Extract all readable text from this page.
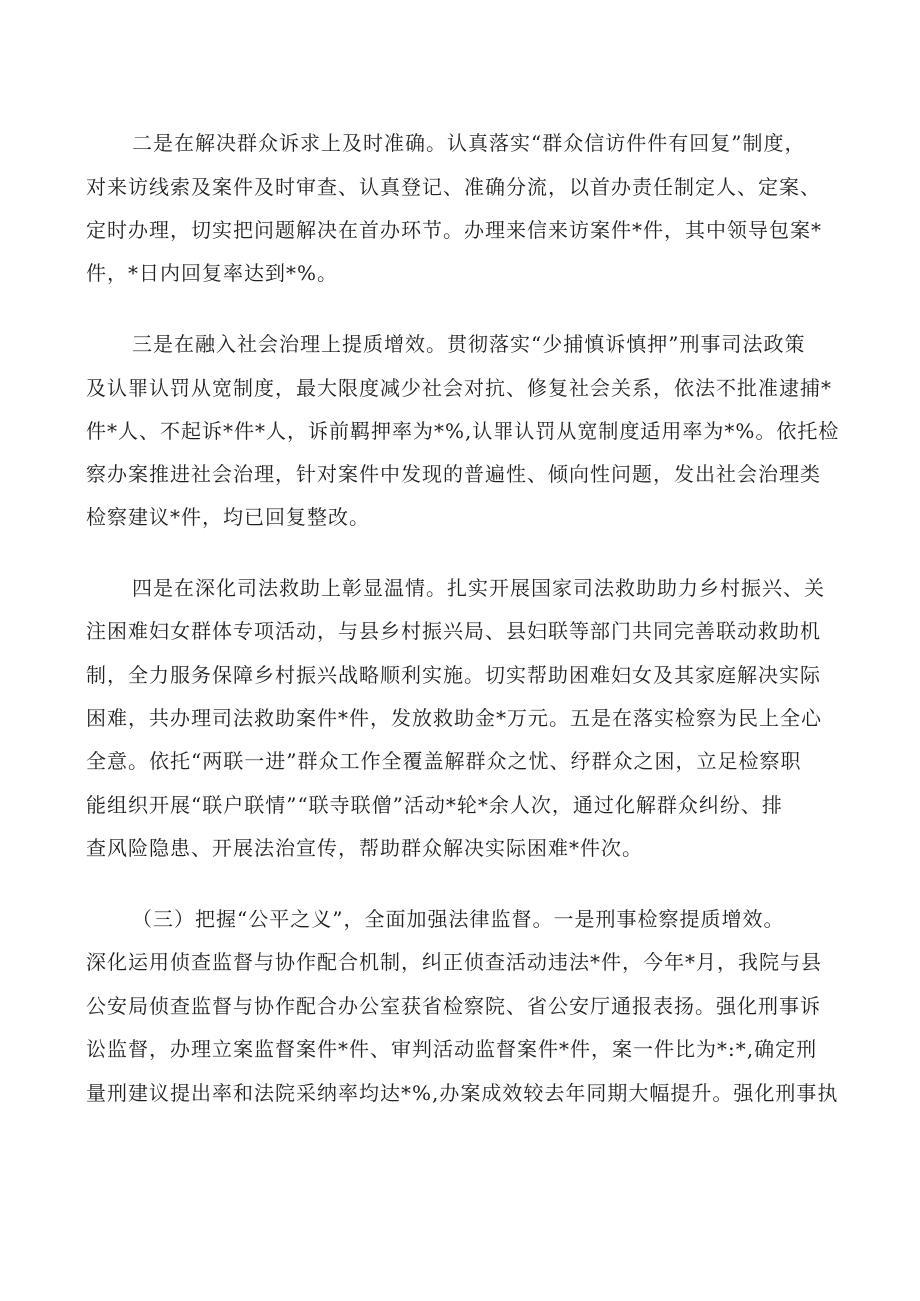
二是在解决群众诉求上及时准确。认真落实“群众信访件件有回复”制度，

对来访线索及案件及时审查、认真登记、准确分流，以首办责任制定人、定案、

定时办理，切实把问题解决在首办环节。办理来信来访案件*件，其中领导包案*

件，*日内回复率达到*%。

三是在融入社会治理上提质增效。贯彻落实“少捕慎诉慎押”刑事司法政策

及认罪认罚从宽制度，最大限度减少社会对抗、修复社会关系，依法不批准逮捕*

件*人、不起诉*件*人，诉前羁押率为*%,认罪认罚从宽制度适用率为*%。依托检

察办案推进社会治理，针对案件中发现的普遍性、倾向性问题，发出社会治理类

检察建议*件，均已回复整改。

四是在深化司法救助上彰显温情。扎实开展国家司法救助助力乡村振兴、关

注困难妇女群体专项活动，与县乡村振兴局、县妇联等部门共同完善联动救助机

制，全力服务保障乡村振兴战略顺利实施。切实帮助困难妇女及其家庭解决实际

困难，共办理司法救助案件*件，发放救助金*万元。五是在落实检察为民上全心

全意。依托“两联一进”群众工作全覆盖解群众之忧、纾群众之困，立足检察职

能组织开展“联户联情”“联寺联僧”活动*轮*余人次，通过化解群众纠纷、排

查风险隐患、开展法治宣传，帮助群众解决实际困难*件次。

（三）把握“公平之义”，全面加强法律监督。一是刑事检察提质增效。

深化运用侦查监督与协作配合机制，纠正侦查活动违法*件，今年*月，我院与县

公安局侦查监督与协作配合办公室获省检察院、省公安厅通报表扬。强化刑事诉

讼监督，办理立案监督案件*件、审判活动监督案件*件，案一件比为*:*,确定刑

量刑建议提出率和法院采纳率均达*%,办案成效较去年同期大幅提升。强化刑事执
